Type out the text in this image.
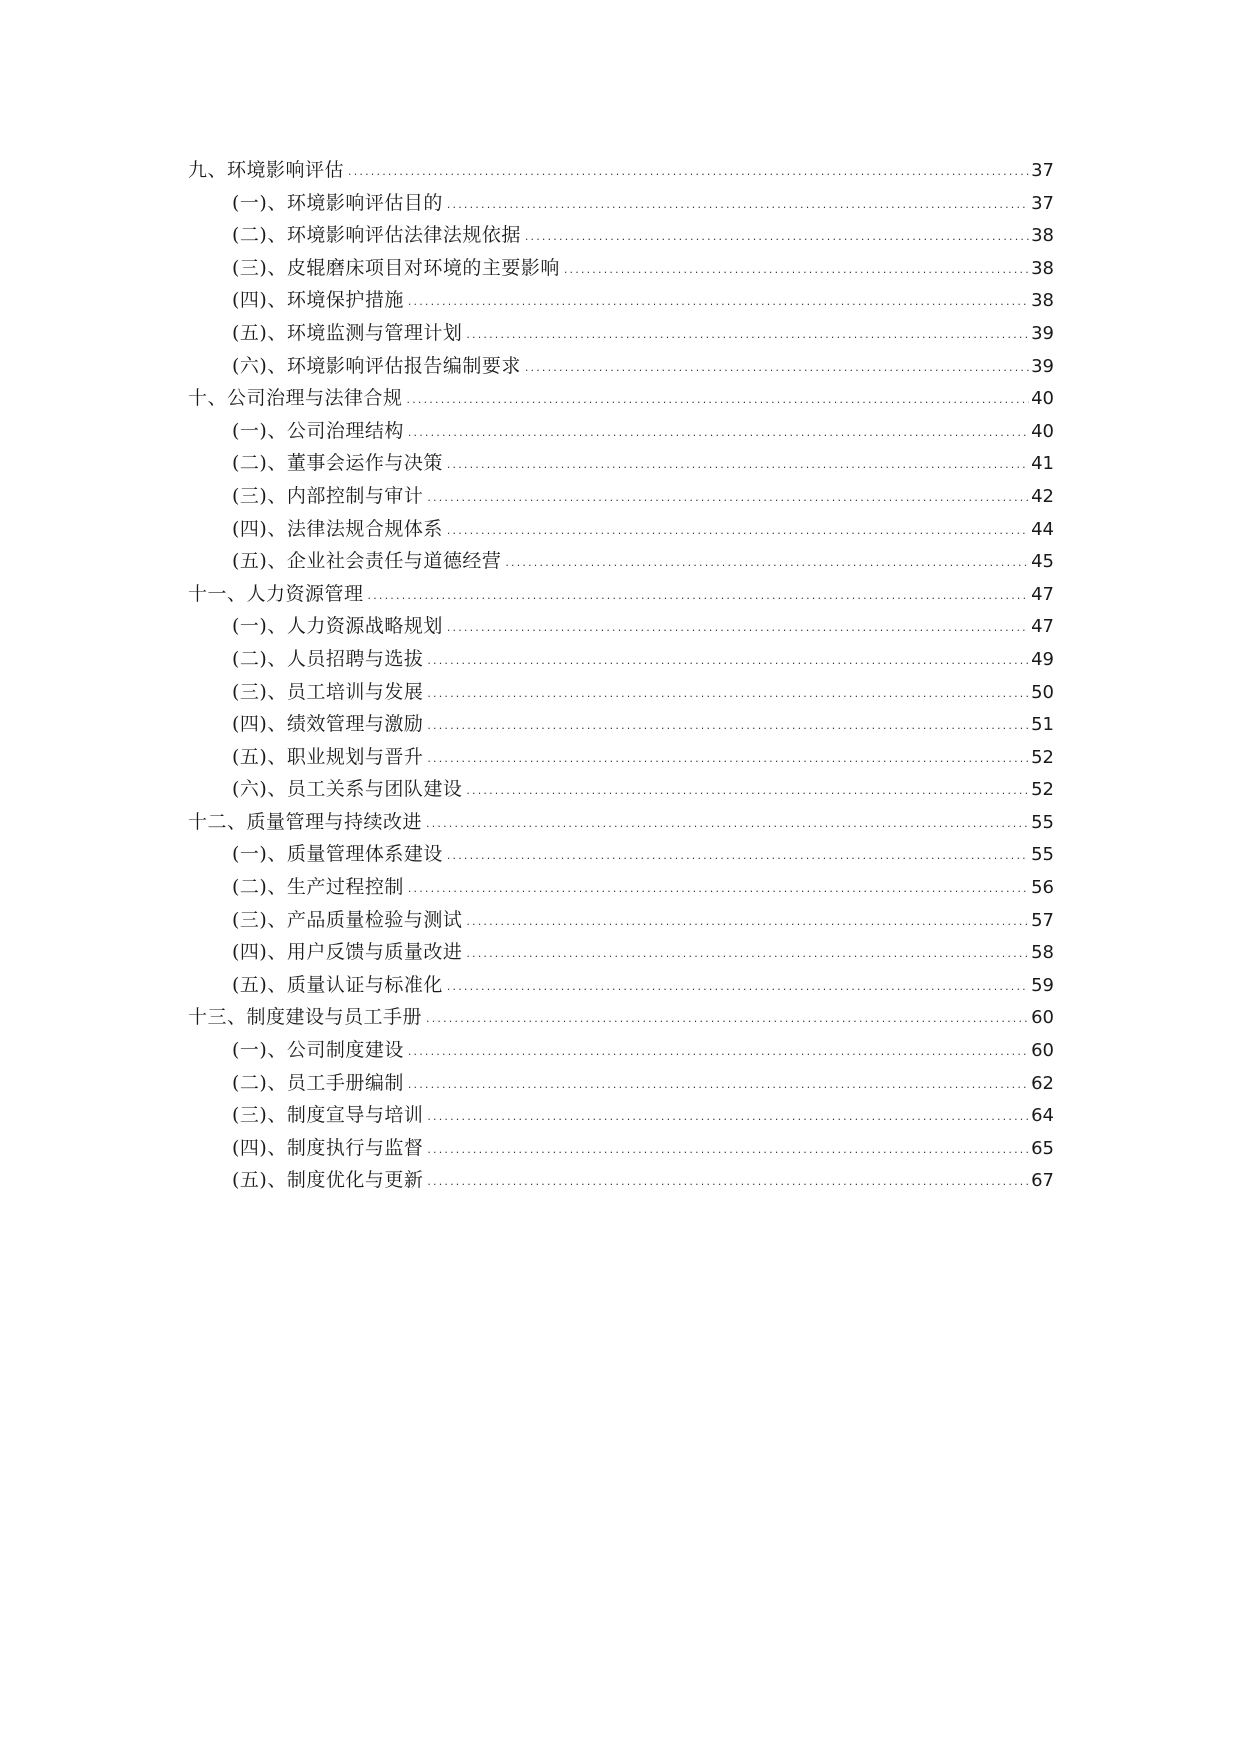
九、环境影响评估 .....	37
(一)、环境影响评估目的 .....	37
(二)、环境影响评估法律法规依据 .....	38
(三)、皮辊磨床项目对环境的主要影响 .....	38
(四)、环境保护措施 .....	38
(五)、环境监测与管理计划 .....	39
(六)、环境影响评估报告编制要求 .....	39
十、公司治理与法律合规 .....	40
(一)、公司治理结构 .....	40
(二)、董事会运作与决策 .....	41
(三)、内部控制与审计 .....	42
(四)、法律法规合规体系 .....	44
(五)、企业社会责任与道德经营 .....	45
十一、人力资源管理 .....	47
(一)、人力资源战略规划 .....	47
(二)、人员招聘与选拔 .....	49
(三)、员工培训与发展 .....	50
(四)、绩效管理与激励 .....	51
(五)、职业规划与晋升 .....	52
(六)、员工关系与团队建设 .....	52
十二、质量管理与持续改进 .....	55
(一)、质量管理体系建设 .....	55
(二)、生产过程控制 .....	56
(三)、产品质量检验与测试 .....	57
(四)、用户反馈与质量改进 .....	58
(五)、质量认证与标准化 .....	59
十三、制度建设与员工手册 .....	60
(一)、公司制度建设 .....	60
(二)、员工手册编制 .....	62
(三)、制度宣导与培训 .....	64
(四)、制度执行与监督 .....	65
(五)、制度优化与更新 .....	67
